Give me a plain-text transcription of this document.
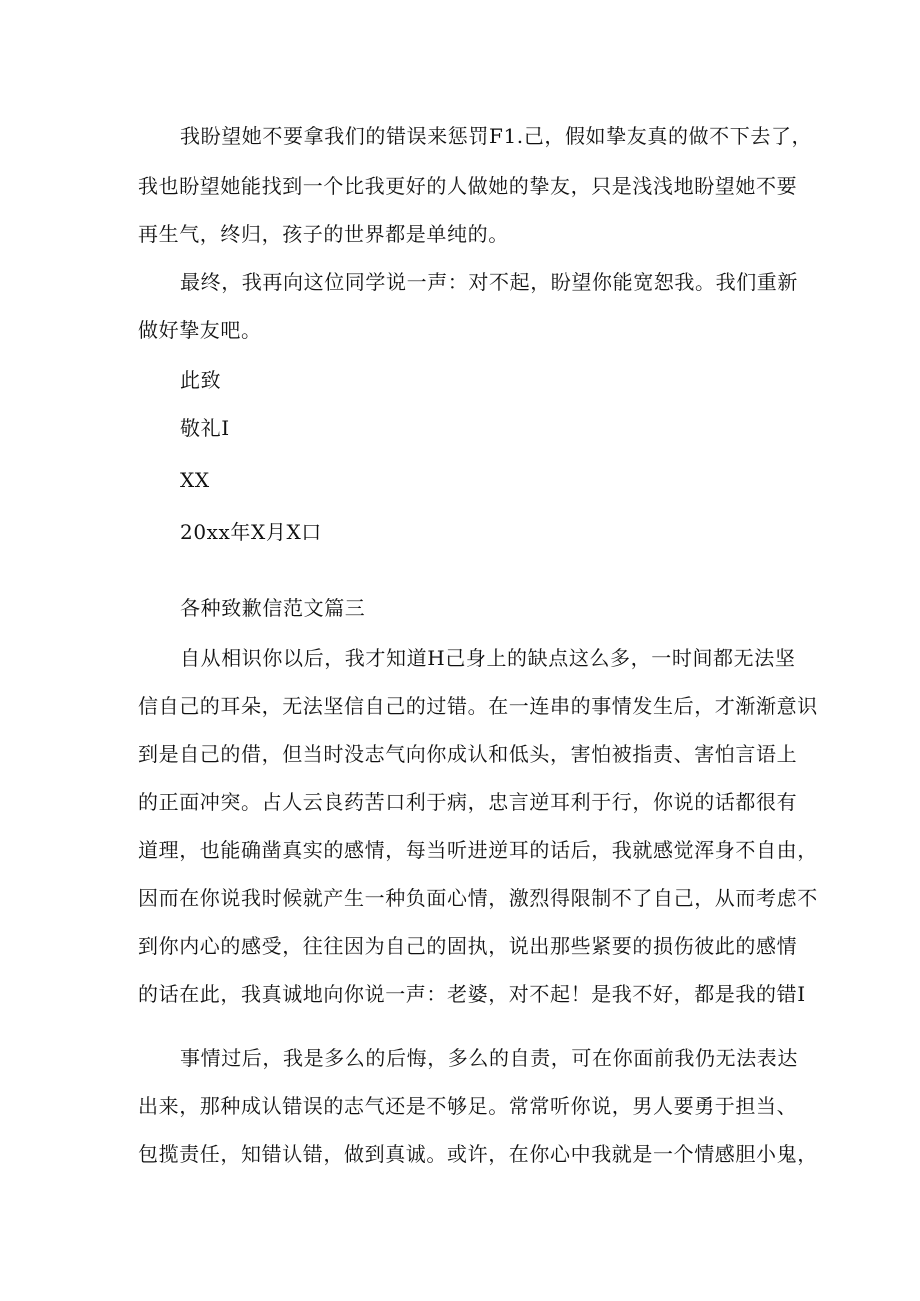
我盼望她不要拿我们的错误来惩罚F1.己，假如挚友真的做不下去了，
我也盼望她能找到一个比我更好的人做她的挚友，只是浅浅地盼望她不要
再生气，终归，孩子的世界都是单纯的。
最终，我再向这位同学说一声：对不起，盼望你能宽恕我。我们重新
做好挚友吧。
此致
敬礼I
XX
20xx年X月X口
各种致歉信范文篇三
自从相识你以后，我才知道H己身上的缺点这么多，一时间都无法坚
信自己的耳朵，无法坚信自己的过错。在一连串的事情发生后，才渐渐意识
到是自己的借，但当时没志气向你成认和低头，害怕被指责、害怕言语上
的正面冲突。占人云良药苦口利于病，忠言逆耳利于行，你说的话都很有
道理，也能确凿真实的感情，每当听进逆耳的话后，我就感觉浑身不自由，
因而在你说我时候就产生一种负面心情，激烈得限制不了自己，从而考虑不
到你内心的感受，往往因为自己的固执，说出那些紧要的损伤彼此的感情
的话在此，我真诚地向你说一声：老婆，对不起！是我不好，都是我的错I
事情过后，我是多么的后悔，多么的自责，可在你面前我仍无法表达
出来，那种成认错误的志气还是不够足。常常听你说，男人要勇于担当、
包揽责任，知错认错，做到真诚。或许，在你心中我就是一个情感胆小鬼，
